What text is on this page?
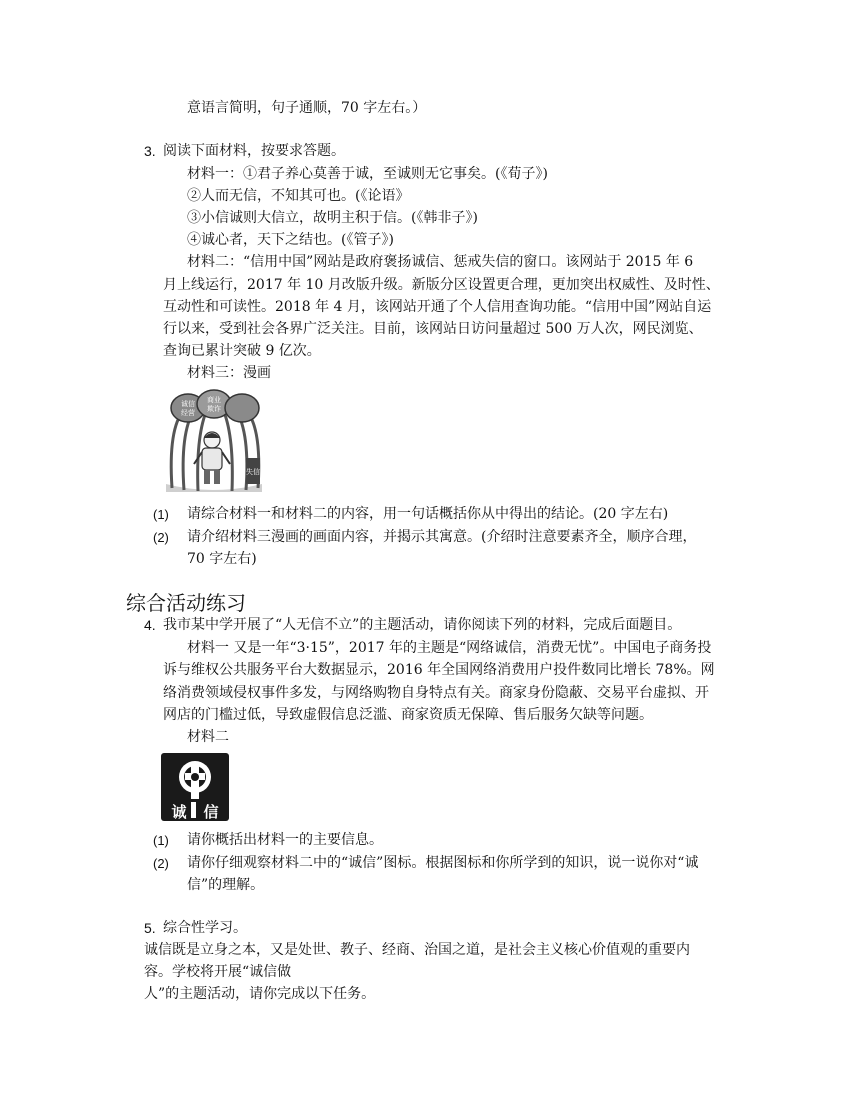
意语言简明，句子通顺，70 字左右。）
3. 阅读下面材料，按要求答题。
材料一： ①君子养心莫善于诚，至诚则无它事矣。(《荀子》)
②人而无信，不知其可也。(《论语》
③小信诚则大信立，故明主积于信。(《韩非子》)
④诚心者，天下之结也。(《管子》)
材料二：“信用中国”网站是政府褒扬诚信、惩戒失信的窗口。该网站于 2015 年 6
月上线运行，2017 年 10 月改版升级。新版分区设置更合理，更加突出权威性、及时性、
互动性和可读性。2018 年 4 月，该网站开通了个人信用查询功能。“信用中国”网站自运
行以来，受到社会各界广泛关注。目前，该网站日访问量超过 500 万人次，网民浏览、
查询已累计突破 9 亿次。
材料三：漫画
诚信
经营
商业
欺诈
失信
(1) 请综合材料一和材料二的内容，用一句话概括你从中得出的结论。(20 字左右)
(2) 请介绍材料三漫画的画面内容，并揭示其寓意。(介绍时注意要素齐全，顺序合理，
70 字左右)
综合活动练习
4. 我市某中学开展了“人无信不立”的主题活动，请你阅读下列的材料，完成后面题目。
材料一 又是一年“3·15”，2017 年的主题是“网络诚信，消费无忧”。中国电子商务投
诉与维权公共服务平台大数据显示，2016 年全国网络消费用户投件数同比增长 78%。网
络消费领域侵权事件多发，与网络购物自身特点有关。商家身份隐蔽、交易平台虚拟、开
网店的门槛过低，导致虚假信息泛滥、商家资质无保障、售后服务欠缺等问题。
材料二
诚 信
(1) 请你概括出材料一的主要信息。
(2) 请你仔细观察材料二中的“诚信”图标。根据图标和你所学到的知识，说一说你对“诚
信”的理解。
5. 综合性学习。
诚信既是立身之本，又是处世、教子、经商、治国之道，是社会主义核心价值观的重要内
容。学校将开展“诚信做
人”的主题活动，请你完成以下任务。
